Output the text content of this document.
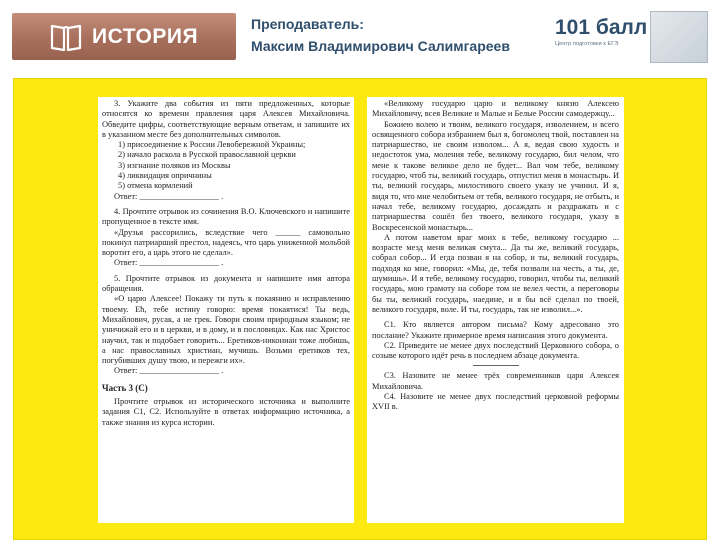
ИСТОРИЯ
Преподаватель:
Максим Владимирович Салимгареев
101 балл
Центр подготовки к ЕГЭ

3. Укажите два события из пяти предложенных, которые относятся ко времени правления царя Алексея Михайловича. Обведите цифры, соответствующие верным ответам, и запишите их в указанном месте без дополнительных символов.

1) присоединение к России Левобережной Украины;
2) начало раскола в Русской православной церкви
3) изгнание поляков из Москвы
4) ликвидация опричнины
5) отмена кормлений
Ответ: ___________________ .

4. Прочтите отрывок из сочинения В.О. Ключевского и напишите пропущенное в тексте имя.

«Друзья рассорились, вследствие чего ______ самовольно покинул патриарший престол, надеясь, что царь униженной мольбой воротит его, а царь этого не сделал».

Ответ: ___________________ .

5. Прочтите отрывок из документа и напишите имя автора обращения.

«О царю Алексее! Покажу ти путь к покаянию и исправлению твоему. Еħ, тебе истину говорю: время покаятися! Ты ведь, Михайлович, русак, а не грек. Говори своим природным языком; не уничижай его и в церкви, и в дому, и в пословицах. Как нас Христос научил, так и подобает говорить... Еретиков-никониан тоже любишь, а нас православных христиан, мучишь. Возьми еретиков тех, погубивших душу твою, и пережги их».

Ответ: ___________________ .
Часть 3 (С)

Прочтите отрывок из исторического источника и выполните задания С1, С2. Используйте в ответах информацию источника, а также знания из курса истории.

«Великому государю царю и великому князю Алексею Михайловичу, всея Великие и Малые и Белые России самодержцу...

Божиею волею и твоим, великого государя, изволением, и всего освященного собора избранием был я, богомолец твой, поставлен на патриаршество, не своим изволом... А я, ведая свою худость и недостоток ума, моления тебе, великому государю, бил челом, что мене к такове великое дело не будет... Вал чом тебе, великому государю, чтоб ты, великий государь, отпустил меня в монастырь. И ты, великий государь, милостивого своего указу не учинил. И я, видя то, что мне челобитьем от тебя, великого государя, не отбыть, и начал тебе, великому государю, досаждать и раздражать и с патриаршества сошёл без твоего, великого государя, указу в Воскресенской монастырь...

А потом наветом враг моих к тебе, великому государю ... возрасте мезд меня великая смута... Да ты же, великий государь, собрал собор... И егда позван я на собор, и ты, великий государь, подходя ко мне, говорил: «Мы, де, тебя позвали на честь, а ты, де, шумишь». И я тебе, великому государю, говорил, чтобы ты, великий государь, мою грамоту на соборе том не велел чести, а переговоры бы ты, великий государь, наедине, и я бы всё сделал по твоей, великого государя, воле. И ты, государь, так не изволил...».

С1. Кто является автором письма? Кому адресовано это послание? Укажите примерное время написания этого документа.

С2. Приведите не менее двух последствий Церковного собора, о созыве которого идёт речь в последнем абзаце документа.

С3. Назовите не менее трёх современников царя Алексея Михайловича.

С4. Назовите не менее двух последствий церковной реформы XVII в.
